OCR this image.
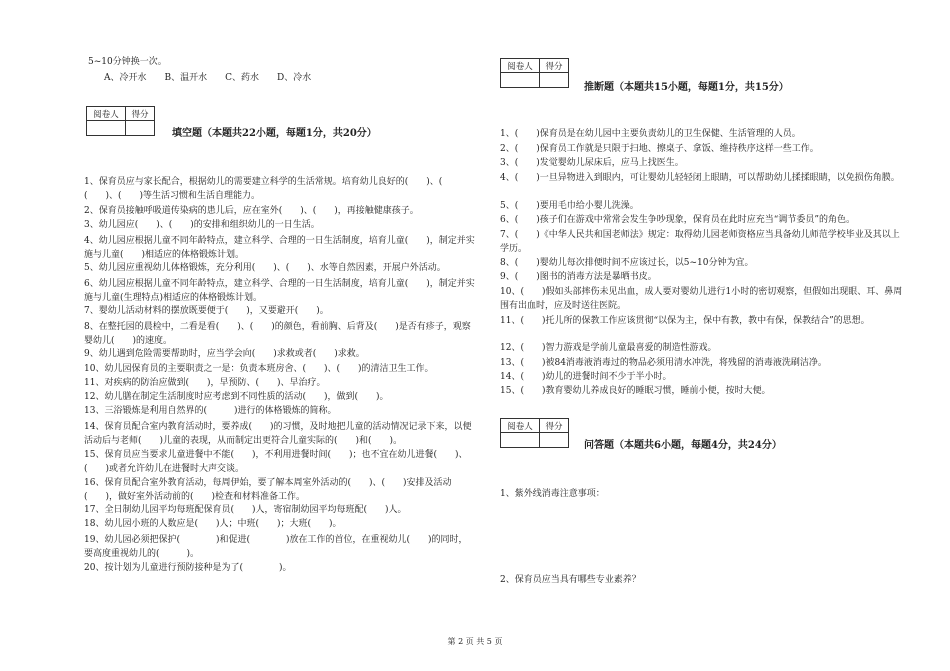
5~10分钟换一次。
A、冷开水　　B、温开水　　C、药水　　D、冷水
阅卷人	得分

填空题（本题共22小题，每题1分，共20分）
1、保育员应与家长配合，根据幼儿的需要建立科学的生活常规。培育幼儿良好的(　　)、(
(　　)、(　　)等生活习惯和生活自理能力。
2、保育员接触呼吸道传染病的患儿后，应在室外(　　)、(　　)，再接触健康孩子。
3、幼儿园应(　　)、(　　)的安排和组织幼儿的一日生活。
4、幼儿园应根据儿童不同年龄特点，建立科学、合理的一日生活制度，培育儿童(　　)，制定并实施与儿童(　　)相适应的体格锻炼计划。
5、幼儿园应重视幼儿体格锻炼，充分利用(　　)、(　　)、水等自然因素，开展户外活动。
6、幼儿园应根据儿童不同年龄特点，建立科学、合理的一日生活制度，培育儿童(　　)，制定并实施与儿童(生理特点)相适应的体格锻炼计划。
7、婴幼儿活动材料的摆放既要便于(　　)，又要避开(　　)。
8、在整托园的晨检中，二看是看(　　)、(　　)的颜色，看前胸、后背及(　　)是否有疹子，观察婴幼儿(　　)的速度。
9、幼儿遇到危险需要帮助时，应当学会向(　　)求救或者(　　)求救。
10、幼儿园保育员的主要职责之一是：负责本班房舍、(　　)、(　　)的清洁卫生工作。
11、对疾病的防治应做到(　　)，早预防、(　　)、早治疗。
12、幼儿膳在制定生活制度时应考虑到不同性质的活动(　　)，做到(　　)。
13、三浴锻炼是利用自然界的(　　　)进行的体格锻炼的简称。
14、保育员配合室内教育活动时，要养成(　　)的习惯，及时地把儿童的活动情况记录下来，以便活动后与老师(　　)儿童的表现，从而制定出更符合儿童实际的(　　)和(　　)。
15、保育员应当要求儿童进餐中不能(　　)，不利用进餐时间(　　)；也不宜在幼儿进餐(　　)、(　　)或者允许幼儿在进餐时大声交谈。
16、保育员配合室外教育活动，每周伊始，要了解本周室外活动的(　　)、(　　)安排及活动(　　)，做好室外活动前的(　　)检查和材料准备工作。
17、全日制幼儿园平均每班配保育员(　　)人，寄宿制幼园平均每班配(　　)人。
18、幼儿园小班的人数应是(　　)人；中班(　　)；大班(　　)。
19、幼儿园必须把保护(　　　　)和促进(　　　　)放在工作的首位，在重视幼儿(　　)的同时，要高度重视幼儿的(　　　)。
20、按计划为儿童进行预防接种是为了(　　　　)。
阅卷人	得分

推断题（本题共15小题，每题1分，共15分）
1、(　　)保育员是在幼儿园中主要负责幼儿的卫生保健、生活管理的人员。
2、(　　)保育员工作就是只限于扫地、擦桌子、拿饭、维持秩序这样一些工作。
3、(　　)发觉婴幼儿尿床后，应马上找医生。
4、(　　)一旦异物进入到眼内，可让婴幼儿轻轻闭上眼睛，可以帮助幼儿揉揉眼睛，以免损伤角膜。
5、(　　)要用毛巾给小婴儿洗澡。
6、(　　)孩子们在游戏中常常会发生争吵现象，保育员在此时应充当“调节委员”的角色。
7、(　　)《中华人民共和国老师法》规定：取得幼儿园老师资格应当具备幼儿师范学校毕业及其以上学历。
8、(　　)婴幼儿每次排便时间不应该过长，以5~10分钟为宜。
9、(　　)图书的消毒方法是暴晒书皮。
10、(　　)假如头部摔伤未见出血，成人要对婴幼儿进行1小时的密切观察，但假如出现眼、耳、鼻周围有出血时，应及时送往医院。
11、(　　)托儿所的保教工作应该贯彻“以保为主，保中有教，教中有保，保教结合”的思想。
12、(　　)智力游戏是学前儿童最喜爱的制造性游戏。
13、(　　)被84消毒液消毒过的物品必须用清水冲洗，将残留的消毒液洗刷洁净。
14、(　　)幼儿的进餐时间不少于半小时。
15、(　　)教育婴幼儿养成良好的睡眠习惯，睡前小便，按时大便。
阅卷人	得分

问答题（本题共6小题，每题4分，共24分）
1、紫外线消毒注意事项：
2、保育员应当具有哪些专业素养？
第 2 页 共 5 页
